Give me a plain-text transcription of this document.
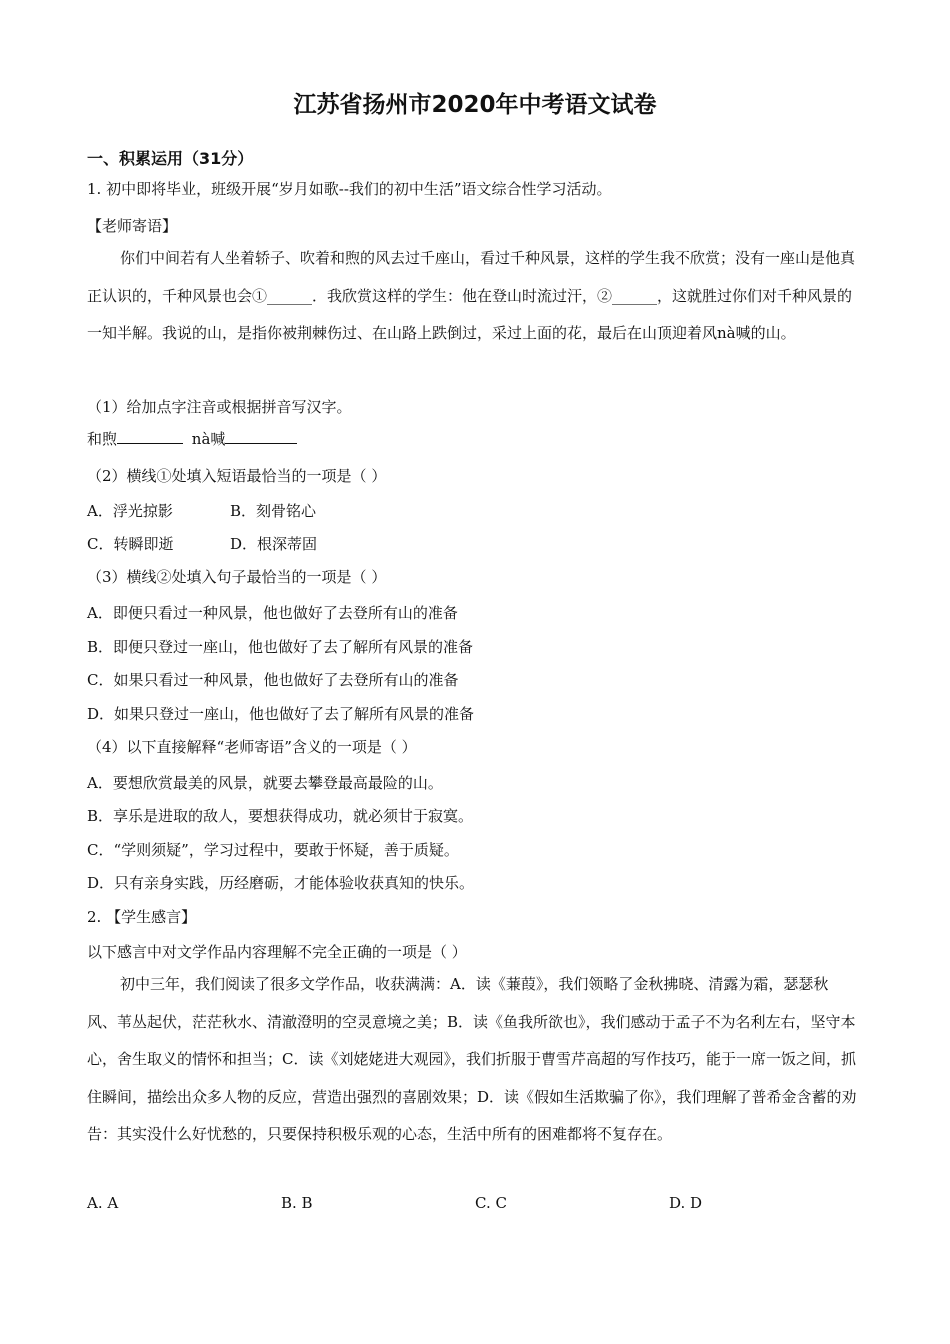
江苏省扬州市2020年中考语文试卷
一、积累运用（31分）
1. 初中即将毕业，班级开展“岁月如歌--我们的初中生活”语文综合性学习活动。
【老师寄语】
你们中间若有人坐着轿子、吹着和煦的风去过千座山，看过千种风景，这样的学生我不欣赏；没有一座山是他真正认识的，千种风景也会①______．我欣赏这样的学生：他在登山时流过汗，②______，这就胜过你们对千种风景的一知半解。我说的山，是指你被荆棘伤过、在山路上跌倒过，采过上面的花，最后在山顶迎着风nà喊的山。
（1）给加点字注音或根据拼音写汉字。
和煦	nà喊
（2）横线①处填入短语最恰当的一项是（ ）
A．浮光掠影	B．刻骨铭心
C．转瞬即逝	D．根深蒂固
（3）横线②处填入句子最恰当的一项是（ ）
A．即便只看过一种风景，他也做好了去登所有山的准备
B．即便只登过一座山，他也做好了去了解所有风景的准备
C．如果只看过一种风景，他也做好了去登所有山的准备
D．如果只登过一座山，他也做好了去了解所有风景的准备
（4）以下直接解释“老师寄语”含义的一项是（ ）
A．要想欣赏最美的风景，就要去攀登最高最险的山。
B．享乐是进取的敌人，要想获得成功，就必须甘于寂寞。
C．“学则须疑”，学习过程中，要敢于怀疑，善于质疑。
D．只有亲身实践，历经磨砺，才能体验收获真知的快乐。
2. 【学生感言】
以下感言中对文学作品内容理解不完全正确的一项是（ ）
初中三年，我们阅读了很多文学作品，收获满满：A．读《蒹葭》，我们领略了金秋拂晓、清露为霜，瑟瑟秋风、苇丛起伏，茫茫秋水、清澈澄明的空灵意境之美；B．读《鱼我所欲也》，我们感动于孟子不为名利左右，坚守本心，舍生取义的情怀和担当；C．读《刘姥姥进大观园》，我们折服于曹雪芹高超的写作技巧，能于一席一饭之间，抓住瞬间，描绘出众多人物的反应，营造出强烈的喜剧效果；D．读《假如生活欺骗了你》，我们理解了普希金含蓄的劝告：其实没什么好忧愁的，只要保持积极乐观的心态，生活中所有的困难都将不复存在。
A. A	B. B	C. C	D. D
